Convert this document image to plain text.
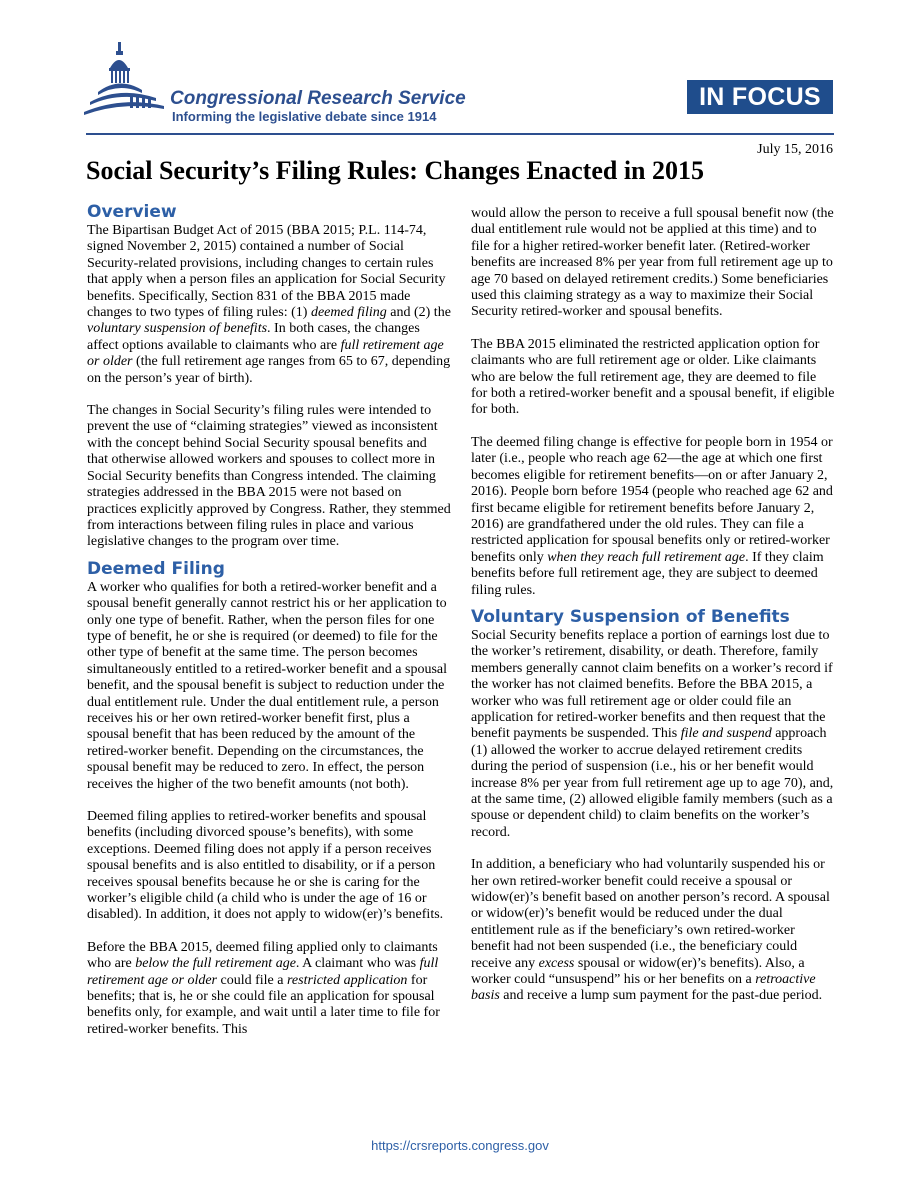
Congressional Research Service
Informing the legislative debate since 1914
IN FOCUS
July 15, 2016
Social Security’s Filing Rules: Changes Enacted in 2015
Overview

The Bipartisan Budget Act of 2015 (BBA 2015; P.L. 114-74, signed November 2, 2015) contained a number of Social Security-related provisions, including changes to certain rules that apply when a person files an application for Social Security benefits. Specifically, Section 831 of the BBA 2015 made changes to two types of filing rules: (1) deemed filing and (2) the voluntary suspension of benefits. In both cases, the changes affect options available to claimants who are full retirement age or older (the full retirement age ranges from 65 to 67, depending on the person’s year of birth).

The changes in Social Security’s filing rules were intended to prevent the use of “claiming strategies” viewed as inconsistent with the concept behind Social Security spousal benefits and that otherwise allowed workers and spouses to collect more in Social Security benefits than Congress intended. The claiming strategies addressed in the BBA 2015 were not based on practices explicitly approved by Congress. Rather, they stemmed from interactions between filing rules in place and various legislative changes to the program over time.

Deemed Filing

A worker who qualifies for both a retired-worker benefit and a spousal benefit generally cannot restrict his or her application to only one type of benefit. Rather, when the person files for one type of benefit, he or she is required (or deemed) to file for the other type of benefit at the same time. The person becomes simultaneously entitled to a retired-worker benefit and a spousal benefit, and the spousal benefit is subject to reduction under the dual entitlement rule. Under the dual entitlement rule, a person receives his or her own retired-worker benefit first, plus a spousal benefit that has been reduced by the amount of the retired-worker benefit. Depending on the circumstances, the spousal benefit may be reduced to zero. In effect, the person receives the higher of the two benefit amounts (not both).

Deemed filing applies to retired-worker benefits and spousal benefits (including divorced spouse’s benefits), with some exceptions. Deemed filing does not apply if a person receives spousal benefits and is also entitled to disability, or if a person receives spousal benefits because he or she is caring for the worker’s eligible child (a child who is under the age of 16 or disabled). In addition, it does not apply to widow(er)’s benefits.

Before the BBA 2015, deemed filing applied only to claimants who are below the full retirement age. A claimant who was full retirement age or older could file a restricted application for benefits; that is, he or she could file an application for spousal benefits only, for example, and wait until a later time to file for retired-worker benefits. This

would allow the person to receive a full spousal benefit now (the dual entitlement rule would not be applied at this time) and to file for a higher retired-worker benefit later. (Retired-worker benefits are increased 8% per year from full retirement age up to age 70 based on delayed retirement credits.) Some beneficiaries used this claiming strategy as a way to maximize their Social Security retired-worker and spousal benefits.

The BBA 2015 eliminated the restricted application option for claimants who are full retirement age or older. Like claimants who are below the full retirement age, they are deemed to file for both a retired-worker benefit and a spousal benefit, if eligible for both.

The deemed filing change is effective for people born in 1954 or later (i.e., people who reach age 62—the age at which one first becomes eligible for retirement benefits—on or after January 2, 2016). People born before 1954 (people who reached age 62 and first became eligible for retirement benefits before January 2, 2016) are grandfathered under the old rules. They can file a restricted application for spousal benefits only or retired-worker benefits only when they reach full retirement age. If they claim benefits before full retirement age, they are subject to deemed filing rules.

Voluntary Suspension of Benefits

Social Security benefits replace a portion of earnings lost due to the worker’s retirement, disability, or death. Therefore, family members generally cannot claim benefits on a worker’s record if the worker has not claimed benefits. Before the BBA 2015, a worker who was full retirement age or older could file an application for retired-worker benefits and then request that the benefit payments be suspended. This file and suspend approach (1) allowed the worker to accrue delayed retirement credits during the period of suspension (i.e., his or her benefit would increase 8% per year from full retirement age up to age 70), and, at the same time, (2) allowed eligible family members (such as a spouse or dependent child) to claim benefits on the worker’s record.

In addition, a beneficiary who had voluntarily suspended his or her own retired-worker benefit could receive a spousal or widow(er)’s benefit based on another person’s record. A spousal or widow(er)’s benefit would be reduced under the dual entitlement rule as if the beneficiary’s own retired-worker benefit had not been suspended (i.e., the beneficiary could receive any excess spousal or widow(er)’s benefits). Also, a worker could “unsuspend” his or her benefits on a retroactive basis and receive a lump sum payment for the past-due period.

https://crsreports.congress.gov
